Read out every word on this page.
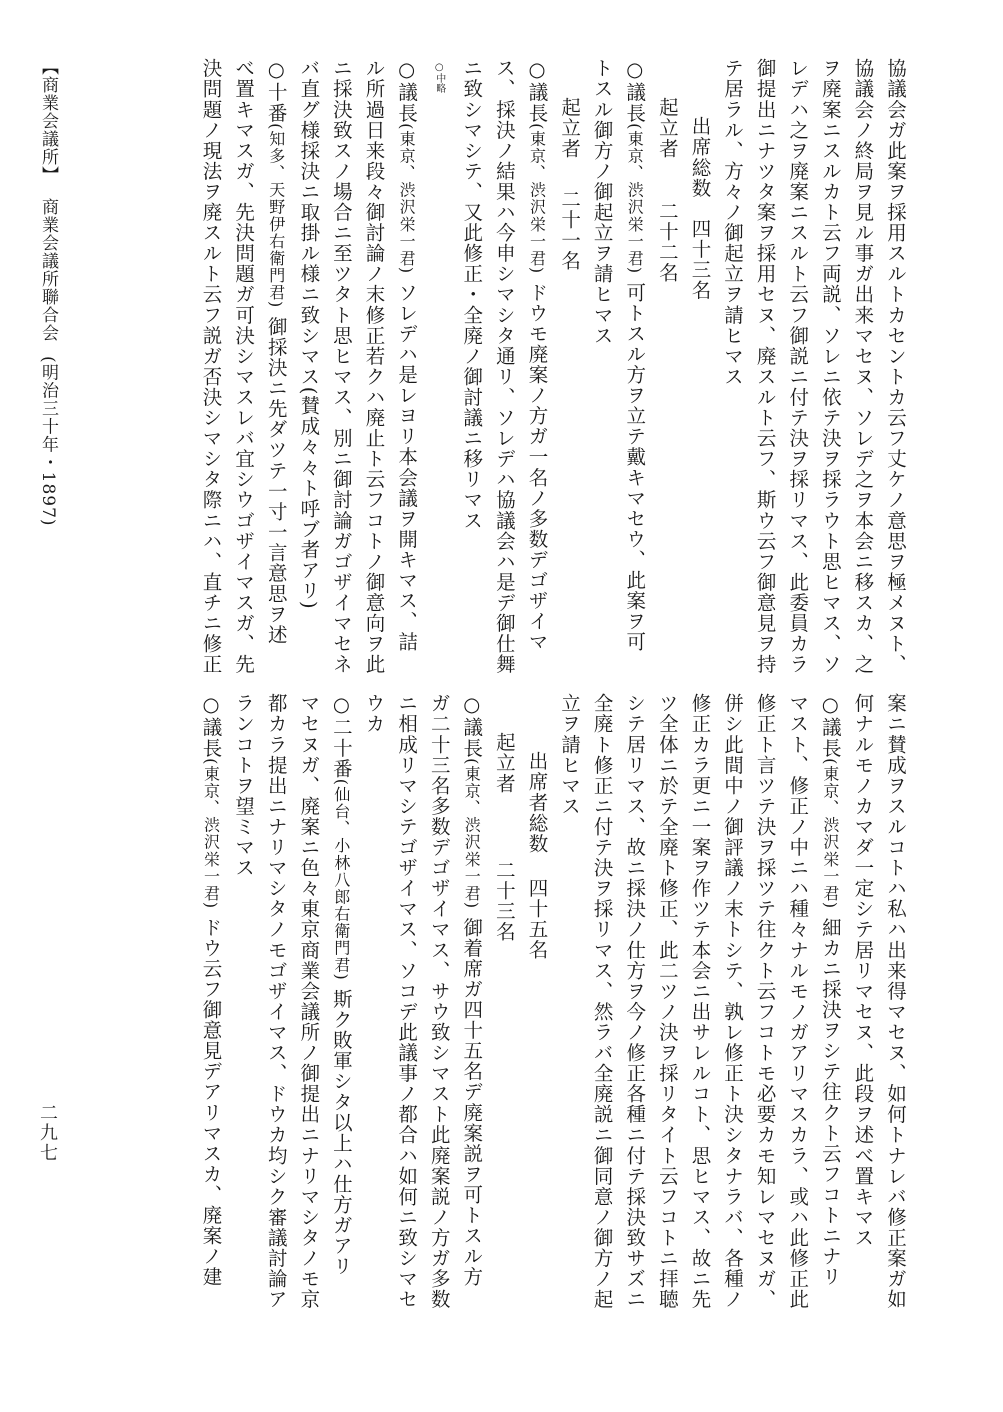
協議会ガ此案ヲ採用スルトカセントカ云フ丈ケノ意思ヲ極メヌト、
協議会ノ終局ヲ見ル事ガ出来マセヌ、ソレデ之ヲ本会ニ移スカ、之
ヲ廃案ニスルカト云フ両説、ソレニ依テ決ヲ採ラウト思ヒマス、ソ
レデハ之ヲ廃案ニスルト云フ御説ニ付テ決ヲ採リマス、此委員カラ
御提出ニナツタ案ヲ採用セヌ、廃スルト云フ、斯ウ云フ御意見ヲ持
テ居ラル、方々ノ御起立ヲ請ヒマス
出席総数四十三名
起立者二十二名
○議長(東京、渋沢栄一君)可トスル方ヲ立テ戴キマセウ、此案ヲ可
トスル御方ノ御起立ヲ請ヒマス
起立者二十一名
○議長(東京、渋沢栄一君)ドウモ廃案ノ方ガ一名ノ多数デゴザイマ
ス、採決ノ結果ハ今申シマシタ通リ、ソレデハ協議会ハ是デ御仕舞
ニ致シマシテ、又此修正・全廃ノ御討議ニ移リマス
○中略
○議長(東京、渋沢栄一君)ソレデハ是レヨリ本会議ヲ開キマス、詰
ル所過日来段々御討論ノ末修正若クハ廃止ト云フコトノ御意向ヲ此
ニ採決致スノ場合ニ至ツタト思ヒマス、別ニ御討論ガゴザイマセネ
バ直グ様採決ニ取掛ル様ニ致シマス(賛成々々ト呼ブ者アリ)
○十番(知多、天野伊右衛門君)御採決ニ先ダツテ一寸一言意思ヲ述
べ置キマスガ、先決問題ガ可決シマスレバ宜シウゴザイマスガ、先
決問題ノ現法ヲ廃スルト云フ説ガ否決シマシタ際ニハ、直チニ修正
案ニ賛成ヲスルコトハ私ハ出来得マセヌ、如何トナレバ修正案ガ如
何ナルモノカマダ一定シテ居リマセヌ、此段ヲ述べ置キマス
○議長(東京、渋沢栄一君)細カニ採決ヲシテ往クト云フコトニナリ
マスト、修正ノ中ニハ種々ナルモノガアリマスカラ、或ハ此修正此
修正ト言ツテ決ヲ採ツテ往クト云フコトモ必要カモ知レマセヌガ、
併シ此間中ノ御評議ノ末トシテ、孰レ修正ト決シタナラバ、各種ノ
修正カラ更ニ一案ヲ作ツテ本会ニ出サレルコト、思ヒマス、故ニ先
ツ全体ニ於テ全廃ト修正、此二ツノ決ヲ採リタイト云フコトニ拝聴
シテ居リマス、故ニ採決ノ仕方ヲ今ノ修正各種ニ付テ採決致サズニ
全廃ト修正ニ付テ決ヲ採リマス、然ラバ全廃説ニ御同意ノ御方ノ起
立ヲ請ヒマス
出席者総数四十五名
起立者二十三名
○議長(東京、渋沢栄一君)御着席ガ四十五名デ廃案説ヲ可トスル方
ガ二十三名多数デゴザイマス、サウ致シマスト此廃案説ノ方ガ多数
ニ相成リマシテゴザイマス、ソコデ此議事ノ都合ハ如何ニ致シマセ
ウカ
○二十番(仙台、小林八郎右衛門君)斯ク敗軍シタ以上ハ仕方ガアリ
マセヌガ、廃案ニ色々東京商業会議所ノ御提出ニナリマシタノモ京
都カラ提出ニナリマシタノモゴザイマス、ドウカ均シク審議討論ア
ランコトヲ望ミマス
○議長(東京、渋沢栄一君)ドウ云フ御意見デアリマスカ、廃案ノ建
【商業会議所】商業会議所聯合会(明治三十年・1897)
二九七
